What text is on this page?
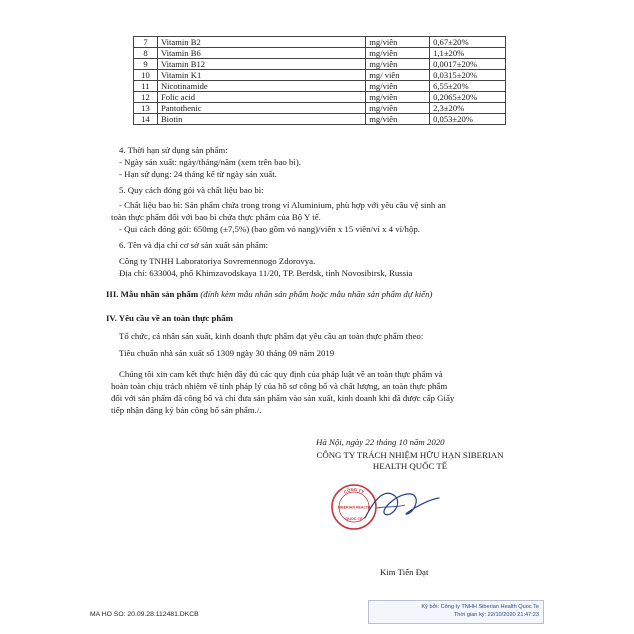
7	Vitamin B2	mg/viên	0,67±20%
8	Vitamin B6	mg/viên	1,1±20%
9	Vitamin B12	mg/viên	0,0017±20%
10	Vitamin K1	mg/ viên	0,0315±20%
11	Nicotinamide	mg/viên	6,55±20%
12	Folic acid	mg/viên	0,2065±20%
13	Pantothenic	mg/viên	2,3±20%
14	Biotin	mg/viên	0,053±20%
4. Thời hạn sử dụng sản phẩm:
- Ngày sản xuất: ngày/tháng/năm (xem trên bao bì).
- Hạn sử dụng: 24 tháng kể từ ngày sản xuất.
5. Quy cách đóng gói và chất liệu bao bì:
- Chất liệu bao bì: Sản phẩm chứa trong trong vỉ Aluminium, phù hợp với yêu cầu vệ sinh an
toàn thực phẩm đối với bao bì chứa thực phẩm của Bộ Y tế.
- Qui cách đóng gói: 650mg (±7,5%) (bao gồm vỏ nang)/viên x 15 viên/vỉ x 4 vỉ/hộp.
6. Tên và địa chỉ cơ sở sản xuất sản phẩm:
Công ty TNHH Laboratoriya Sovremennogo Zdorovya.
Địa chỉ: 633004, phố Khimzavodskaya 11/20, TP. Berdsk, tỉnh Novosibirsk, Russia
III. Mẫu nhãn sản phẩm (đính kèm mẫu nhãn sản phẩm hoặc mẫu nhãn sản phẩm dự kiến)
IV. Yêu cầu về an toàn thực phẩm
Tổ chức, cá nhân sản xuất, kinh doanh thực phẩm đạt yêu cầu an toàn thực phẩm theo:
Tiêu chuẩn nhà sản xuất số 1309 ngày 30 tháng 09 năm 2019
Chúng tôi xin cam kết thực hiện đầy đủ các quy định của pháp luật về an toàn thực phẩm và
hoàn toàn chịu trách nhiệm về tính pháp lý của hồ sơ công bố và chất lượng, an toàn thực phẩm
đối với sản phẩm đã công bố và chỉ đưa sản phẩm vào sản xuất, kinh doanh khi đã được cấp Giấy
tiếp nhận đăng ký bản công bố sản phẩm./.
Hà Nội, ngày 22 tháng 10 năm 2020
CÔNG TY TRÁCH NHIỆM HỮU HẠN SIBERIAN
HEALTH QUỐC TẾ
CÔNG TY
SIBERIAN HEALTH
QUỐC TẾ
Kim Tiến Đạt
MA HO SO: 20.09.28.112481.DKCB
Ký bởi: Công ty TNHH Siberian Health Quoc Te
Thời gian ký: 22/10/2020 21:47:23
